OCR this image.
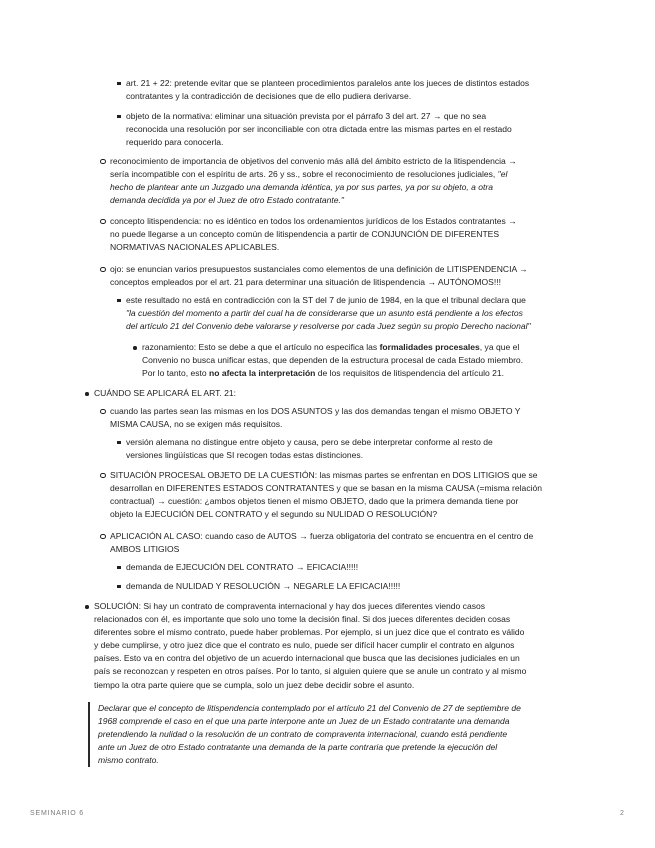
art. 21 + 22: pretende evitar que se planteen procedimientos paralelos ante los jueces de distintos estados
contratantes y la contradicción de decisiones que de ello pudiera derivarse.
objeto de la normativa: eliminar una situación prevista por el párrafo 3 del art. 27 → que no sea
reconocida una resolución por ser inconciliable con otra dictada entre las mismas partes en el restado
requerido para conocerla.
reconocimiento de importancia de objetivos del convenio más allá del ámbito estricto de la litispendencia →
sería incompatible con el espíritu de arts. 26 y ss., sobre el reconocimiento de resoluciones judiciales, "el
hecho de plantear ante un Juzgado una demanda idéntica, ya por sus partes, ya por su objeto, a otra
demanda decidida ya por el Juez de otro Estado contratante."
concepto litispendencia: no es idéntico en todos los ordenamientos jurídicos de los Estados contratantes →
no puede llegarse a un concepto común de litispendencia a partir de CONJUNCIÓN DE DIFERENTES
NORMATIVAS NACIONALES APLICABLES.
ojo: se enuncian varios presupuestos sustanciales como elementos de una definición de LITISPENDENCIA →
conceptos empleados por el art. 21 para determinar una situación de litispendencia → AUTÓNOMOS!!!
este resultado no está en contradicción con la ST del 7 de junio de 1984, en la que el tribunal declara que
"la cuestión del momento a partir del cual ha de considerarse que un asunto está pendiente a los efectos
del artículo 21 del Convenio debe valorarse y resolverse por cada Juez según su propio Derecho nacional"
razonamiento: Esto se debe a que el artículo no especifica las formalidades procesales, ya que el
Convenio no busca unificar estas, que dependen de la estructura procesal de cada Estado miembro.
Por lo tanto, esto no afecta la interpretación de los requisitos de litispendencia del artículo 21.
CUÁNDO SE APLICARÁ EL ART. 21:
cuando las partes sean las mismas en los DOS ASUNTOS y las dos demandas tengan el mismo OBJETO Y
MISMA CAUSA, no se exigen más requisitos.
versión alemana no distingue entre objeto y causa, pero se debe interpretar conforme al resto de
versiones lingüísticas que SI recogen todas estas distinciones.
SITUACIÓN PROCESAL OBJETO DE LA CUESTIÓN: las mismas partes se enfrentan en DOS LITIGIOS que se
desarrollan en DIFERENTES ESTADOS CONTRATANTES y que se basan en la misma CAUSA (=misma relación
contractual) → cuestión: ¿ambos objetos tienen el mismo OBJETO, dado que la primera demanda tiene por
objeto la EJECUCIÓN DEL CONTRATO y el segundo su NULIDAD O RESOLUCIÓN?
APLICACIÓN AL CASO: cuando caso de AUTOS → fuerza obligatoria del contrato se encuentra en el centro de
AMBOS LITIGIOS
demanda de EJECUCIÓN DEL CONTRATO → EFICACIA!!!!!
demanda de NULIDAD Y RESOLUCIÓN → NEGARLE LA EFICACIA!!!!!
SOLUCIÓN: Si hay un contrato de compraventa internacional y hay dos jueces diferentes viendo casos
relacionados con él, es importante que solo uno tome la decisión final. Si dos jueces diferentes deciden cosas
diferentes sobre el mismo contrato, puede haber problemas. Por ejemplo, si un juez dice que el contrato es válido
y debe cumplirse, y otro juez dice que el contrato es nulo, puede ser difícil hacer cumplir el contrato en algunos
países. Esto va en contra del objetivo de un acuerdo internacional que busca que las decisiones judiciales en un
país se reconozcan y respeten en otros países. Por lo tanto, si alguien quiere que se anule un contrato y al mismo
tiempo la otra parte quiere que se cumpla, solo un juez debe decidir sobre el asunto.
Declarar que el concepto de litispendencia contemplado por el artículo 21 del Convenio de 27 de septiembre de
1968 comprende el caso en el que una parte interpone ante un Juez de un Estado contratante una demanda
pretendiendo la nulidad o la resolución de un contrato de compraventa internacional, cuando está pendiente
ante un Juez de otro Estado contratante una demanda de la parte contraria que pretende la ejecución del
mismo contrato.
SEMINARIO 6	2
